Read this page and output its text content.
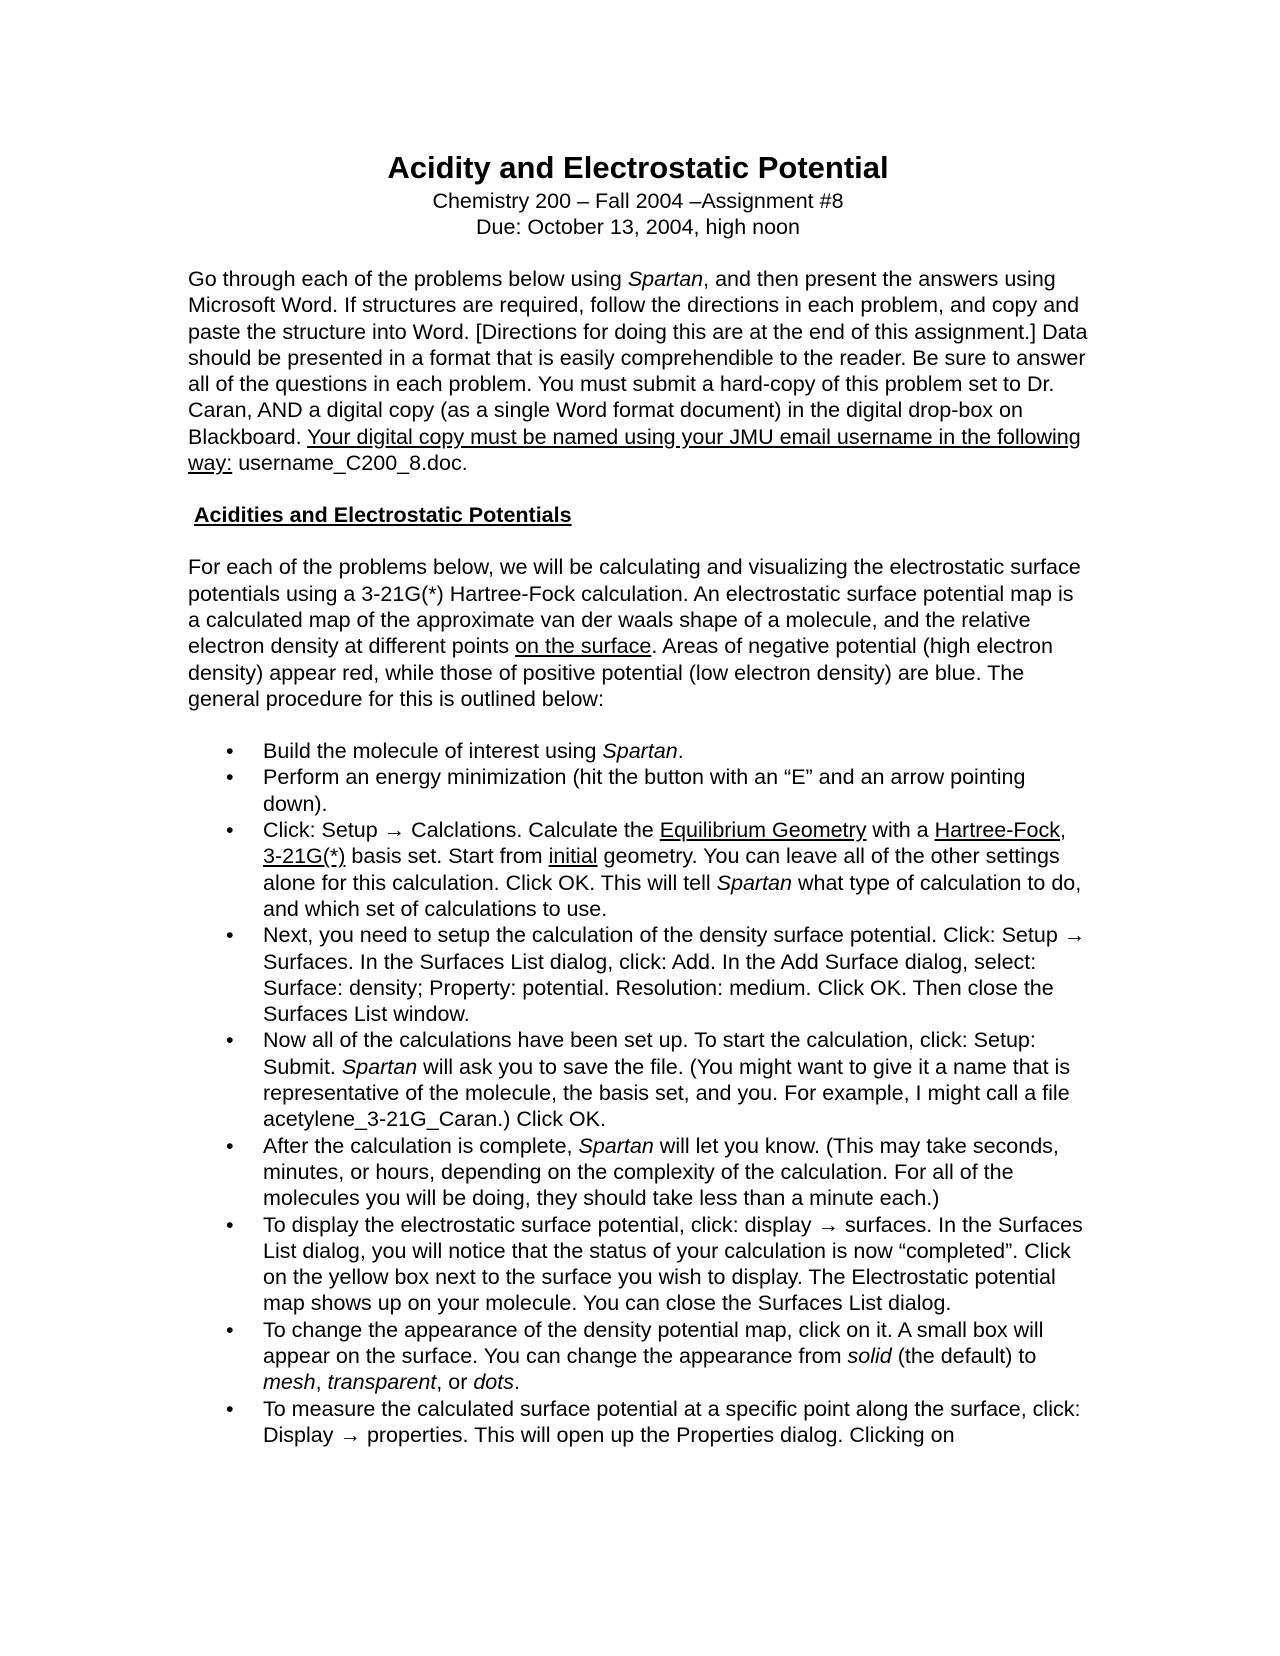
Acidity and Electrostatic Potential

Chemistry 200 – Fall 2004 –Assignment #8

Due: October 13, 2004, high noon

Go through each of the problems below using Spartan, and then present the answers using Microsoft Word. If structures are required, follow the directions in each problem, and copy and paste the structure into Word. [Directions for doing this are at the end of this assignment.] Data should be presented in a format that is easily comprehendible to the reader. Be sure to answer all of the questions in each problem. You must submit a hard-copy of this problem set to Dr. Caran, AND a digital copy (as a single Word format document) in the digital drop-box on Blackboard. Your digital copy must be named using your JMU email username in the following way: username_C200_8.doc.

Acidities and Electrostatic Potentials

For each of the problems below, we will be calculating and visualizing the electrostatic surface potentials using a 3-21G(*) Hartree-Fock calculation. An electrostatic surface potential map is a calculated map of the approximate van der waals shape of a molecule, and the relative electron density at different points on the surface. Areas of negative potential (high electron density) appear red, while those of positive potential (low electron density) are blue. The general procedure for this is outlined below:

• Build the molecule of interest using Spartan.
• Perform an energy minimization (hit the button with an “E” and an arrow pointing down).
• Click: Setup → Calclations. Calculate the Equilibrium Geometry with a Hartree-Fock, 3-21G(*) basis set. Start from initial geometry. You can leave all of the other settings alone for this calculation. Click OK. This will tell Spartan what type of calculation to do, and which set of calculations to use.
• Next, you need to setup the calculation of the density surface potential. Click: Setup → Surfaces. In the Surfaces List dialog, click: Add. In the Add Surface dialog, select: Surface: density; Property: potential. Resolution: medium. Click OK. Then close the Surfaces List window.
• Now all of the calculations have been set up. To start the calculation, click: Setup: Submit. Spartan will ask you to save the file. (You might want to give it a name that is representative of the molecule, the basis set, and you. For example, I might call a file acetylene_3-21G_Caran.) Click OK.
• After the calculation is complete, Spartan will let you know. (This may take seconds, minutes, or hours, depending on the complexity of the calculation. For all of the molecules you will be doing, they should take less than a minute each.)
• To display the electrostatic surface potential, click: display → surfaces. In the Surfaces List dialog, you will notice that the status of your calculation is now “completed”. Click on the yellow box next to the surface you wish to display. The Electrostatic potential map shows up on your molecule. You can close the Surfaces List dialog.
• To change the appearance of the density potential map, click on it. A small box will appear on the surface. You can change the appearance from solid (the default) to mesh, transparent, or dots.
• To measure the calculated surface potential at a specific point along the surface, click: Display → properties. This will open up the Properties dialog. Clicking on
